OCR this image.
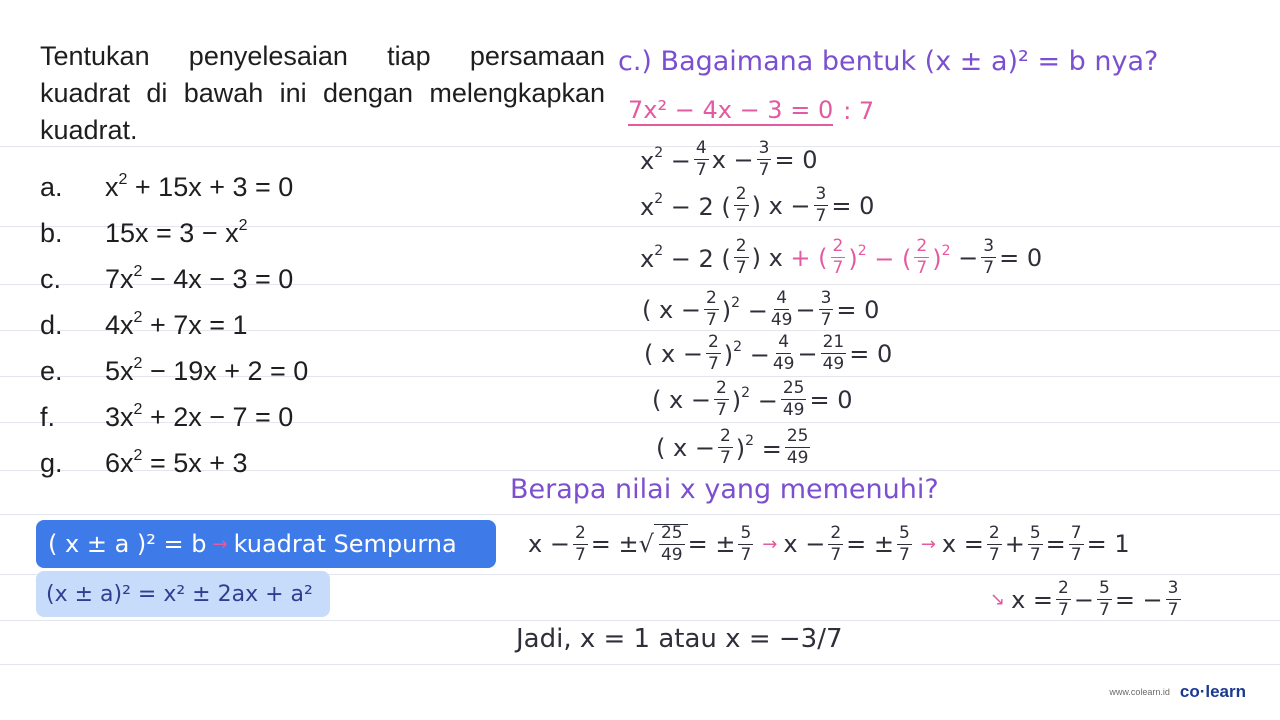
Tentukan penyelesaian tiap persamaan kuadrat di bawah ini dengan melengkapkan kuadrat.
a.	$x^2 + 15x + 3 = 0$
b.	$15x = 3 - x^2$
c.	$7x^2 - 4x - 3 = 0$
d.	$4x^2 + 7x = 1$
e.	$5x^2 - 19x + 2 = 0$
f.	$3x^2 + 2x - 7 = 0$
g.	$6x^2 = 5x + 3$
c.) Bagaimana bentuk (x ± a)² = b nya?
7x² − 4x − 3 = 0 : 7
$x^2 - \frac{4}{7}$ $x - \frac{3}{7} = 0$
$x^2 - 2$ ( $\frac{2}{7}$ ) $x - \frac{3}{7} = 0$
$x^2 - 2$ ( $\frac{2}{7}$ ) x + ( $\frac{2}{7} )^2$ − ( $\frac{2}{7} )^2 - \frac{3}{7} = 0$
( $x - \frac{2}{7} )^2 - \frac{4}{49} - \frac{3}{7} = 0$
( $x - \frac{2}{7} )^2 - \frac{4}{49} - \frac{21}{49} = 0$
( $x - \frac{2}{7} )^2 - \frac{25}{49} = 0$
( $x - \frac{2}{7} )^2 = \frac{25}{49}$
Berapa nilai x yang memenuhi?
$x - \frac{2}{7}$ = ± √ $\frac{25}{49}$ = ± $\frac{5}{7} \to x - \frac{2}{7}$ = ± $\frac{5}{7} \to x = \frac{2}{7} + \frac{5}{7} = \frac{7}{7} = 1$
↘ $x = \frac{2}{7} - \frac{5}{7}$ = − $\frac{3}{7}$
Jadi, x = 1 atau x = −3/7
( x ± a )² = b → kuadrat Sempurna
(x ± a)² = x² ± 2ax + a²
www.colearn.id co·learn
